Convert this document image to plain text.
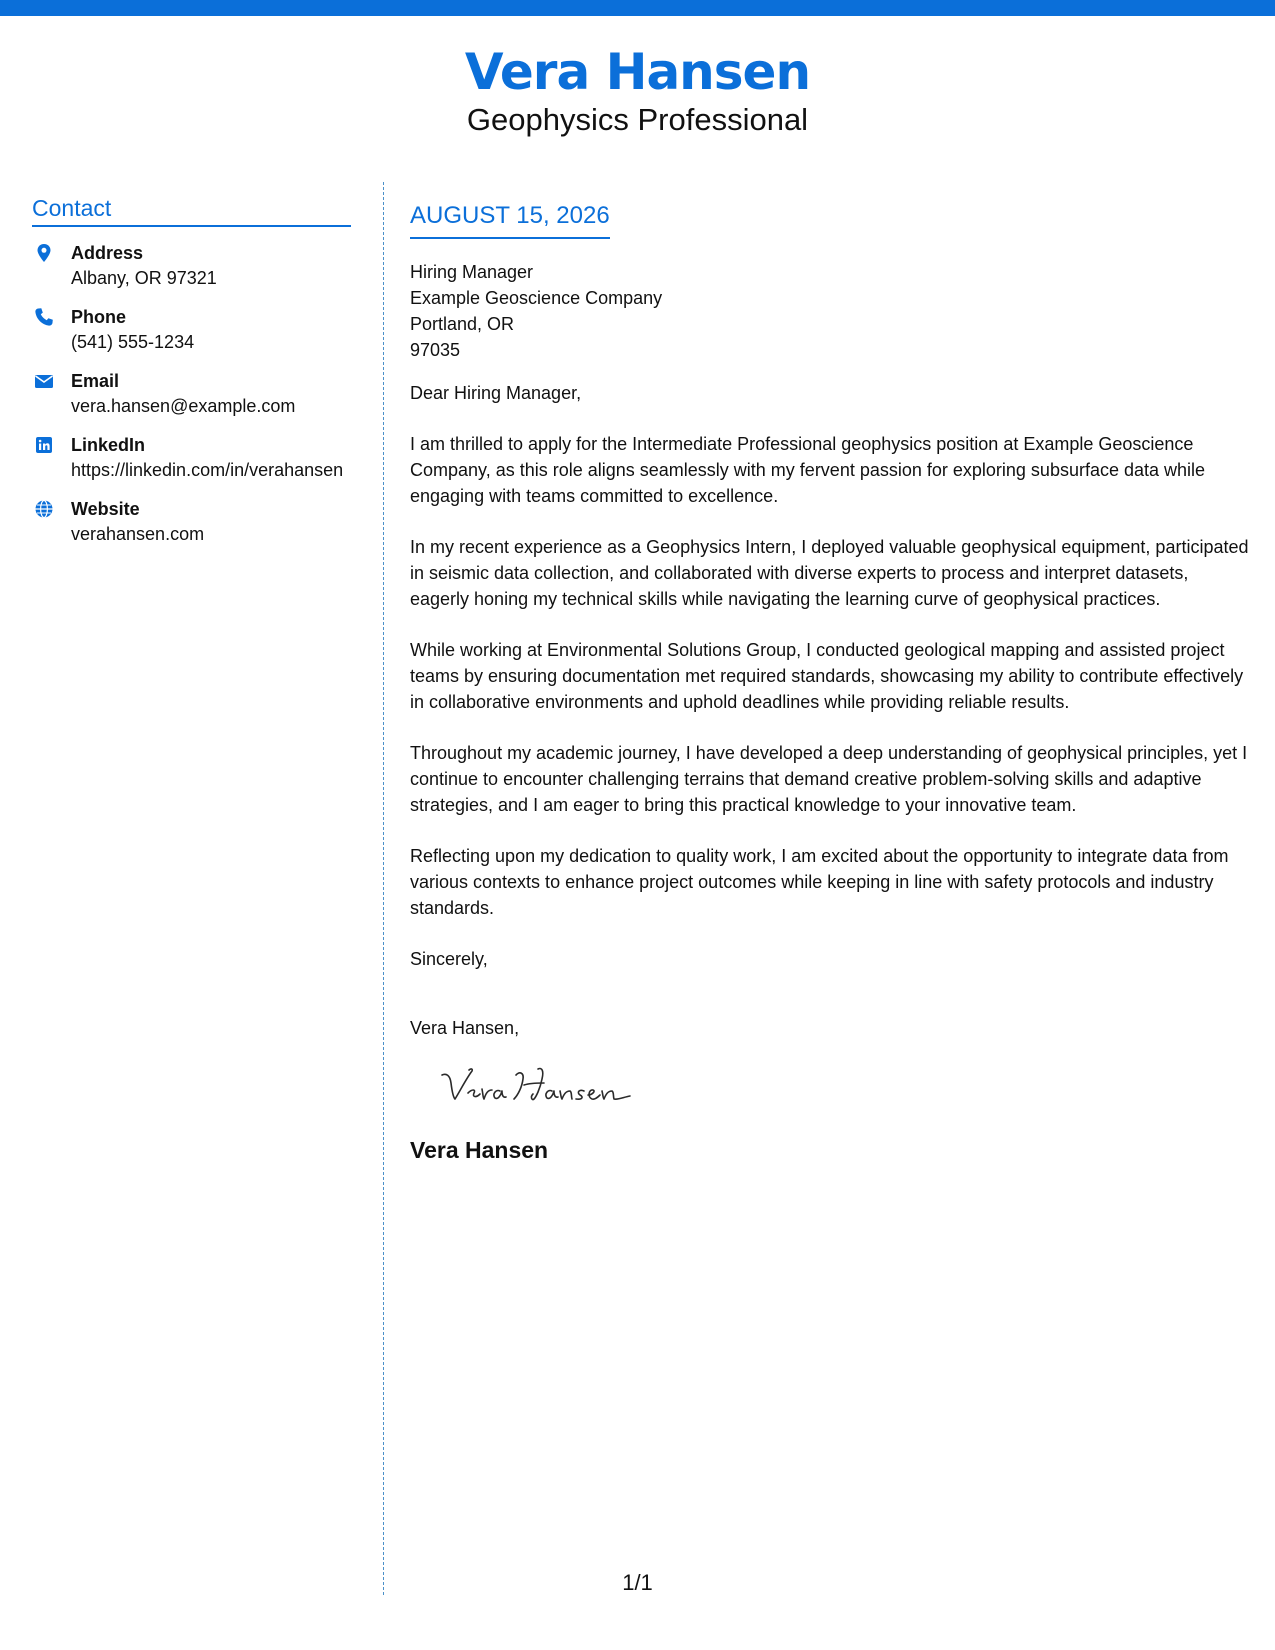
Vera Hansen
Geophysics Professional
Contact
Address
Albany, OR 97321
Phone
(541) 555-1234
Email
vera.hansen@example.com
LinkedIn
https://linkedin.com/in/verahansen
Website
verahansen.com
AUGUST 15, 2026
Hiring Manager
Example Geoscience Company
Portland, OR
97035
Dear Hiring Manager,
I am thrilled to apply for the Intermediate Professional geophysics position at Example Geoscience Company, as this role aligns seamlessly with my fervent passion for exploring subsurface data while engaging with teams committed to excellence.
In my recent experience as a Geophysics Intern, I deployed valuable geophysical equipment, participated in seismic data collection, and collaborated with diverse experts to process and interpret datasets, eagerly honing my technical skills while navigating the learning curve of geophysical practices.
While working at Environmental Solutions Group, I conducted geological mapping and assisted project teams by ensuring documentation met required standards, showcasing my ability to contribute effectively in collaborative environments and uphold deadlines while providing reliable results.
Throughout my academic journey, I have developed a deep understanding of geophysical principles, yet I continue to encounter challenging terrains that demand creative problem-solving skills and adaptive strategies, and I am eager to bring this practical knowledge to your innovative team.
Reflecting upon my dedication to quality work, I am excited about the opportunity to integrate data from various contexts to enhance project outcomes while keeping in line with safety protocols and industry standards.
Sincerely,
Vera Hansen,
Vera Hansen
1/1
